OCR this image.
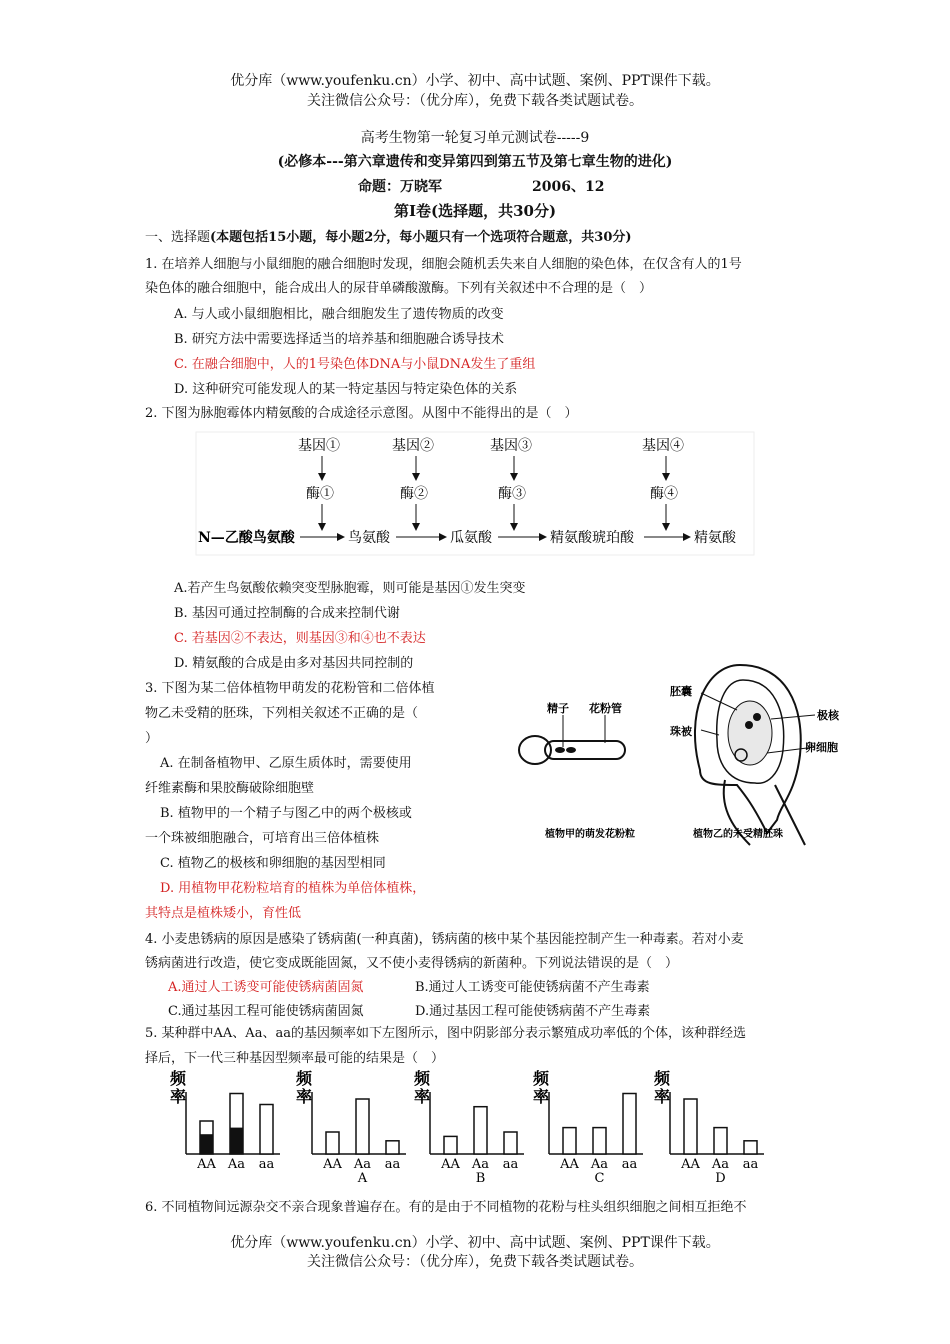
优分库（www.youfenku.cn）小学、初中、高中试题、案例、PPT课件下载。
关注微信公众号：（优分库），免费下载各类试题试卷。
高考生物第一轮复习单元测试卷-----9
(必修本---第六章遗传和变异第四到第五节及第七章生物的进化)
命题：万晓军	2006、12
第Ⅰ卷(选择题，共30分)
一、选择题(本题包括15小题，每小题2分，每小题只有一个选项符合题意，共30分)
1. 在培养人细胞与小鼠细胞的融合细胞时发现，细胞会随机丢失来自人细胞的染色体，在仅含有人的1号
染色体的融合细胞中，能合成出人的尿苷单磷酸激酶。下列有关叙述中不合理的是（　）
A. 与人或小鼠细胞相比，融合细胞发生了遗传物质的改变
B. 研究方法中需要选择适当的培养基和细胞融合诱导技术
C. 在融合细胞中，人的1号染色体DNA与小鼠DNA发生了重组
D. 这种研究可能发现人的某一特定基因与特定染色体的关系
2. 下图为脉胞霉体内精氨酸的合成途径示意图。从图中不能得出的是（　）
基因①	基因②	基因③	基因④
酶①	酶②	酶③	酶④
N—乙酸鸟氨酸	鸟氨酸	瓜氨酸	精氨酸琥珀酸	精氨酸
A.若产生鸟氨酸依赖突变型脉胞霉，则可能是基因①发生突变
B. 基因可通过控制酶的合成来控制代谢
C. 若基因②不表达，则基因③和④也不表达
D. 精氨酸的合成是由多对基因共同控制的
3. 下图为某二倍体植物甲萌发的花粉管和二倍体植
物乙未受精的胚珠，下列相关叙述不正确的是（
）
A. 在制备植物甲、乙原生质体时，需要使用
纤维素酶和果胶酶破除细胞壁
B. 植物甲的一个精子与图乙中的两个极核或
一个珠被细胞融合，可培育出三倍体植株
C. 植物乙的极核和卵细胞的基因型相同
D. 用植物甲花粉粒培育的植株为单倍体植株，
其特点是植株矮小，育性低
精子 花粉管
植物甲的萌发花粉粒
胚囊
珠被
极核
卵细胞
植物乙的未受精胚珠
4. 小麦患锈病的原因是感染了锈病菌(一种真菌)，锈病菌的核中某个基因能控制产生一种毒素。若对小麦
锈病菌进行改造，使它变成既能固氮，又不使小麦得锈病的新菌种。下列说法错误的是（　）
A.通过人工诱变可能使锈病菌固氮	B.通过人工诱变可能使锈病菌不产生毒素
C.通过基因工程可能使锈病菌固氮	D.通过基因工程可能使锈病菌不产生毒素
5. 某种群中AA、Aa、aa的基因频率如下左图所示，图中阴影部分表示繁殖成功率低的个体，该种群经选
择后，下一代三种基因型频率最可能的结果是（　）
频
率
AA Aa aa
频
率
AA Aa aa
A
频
率
AA Aa aa
B
频
率
AA Aa aa
C
频
率
AA Aa aa
D
6. 不同植物间远源杂交不亲合现象普遍存在。有的是由于不同植物的花粉与柱头组织细胞之间相互拒绝不
优分库（www.youfenku.cn）小学、初中、高中试题、案例、PPT课件下载。
关注微信公众号：（优分库），免费下载各类试题试卷。
